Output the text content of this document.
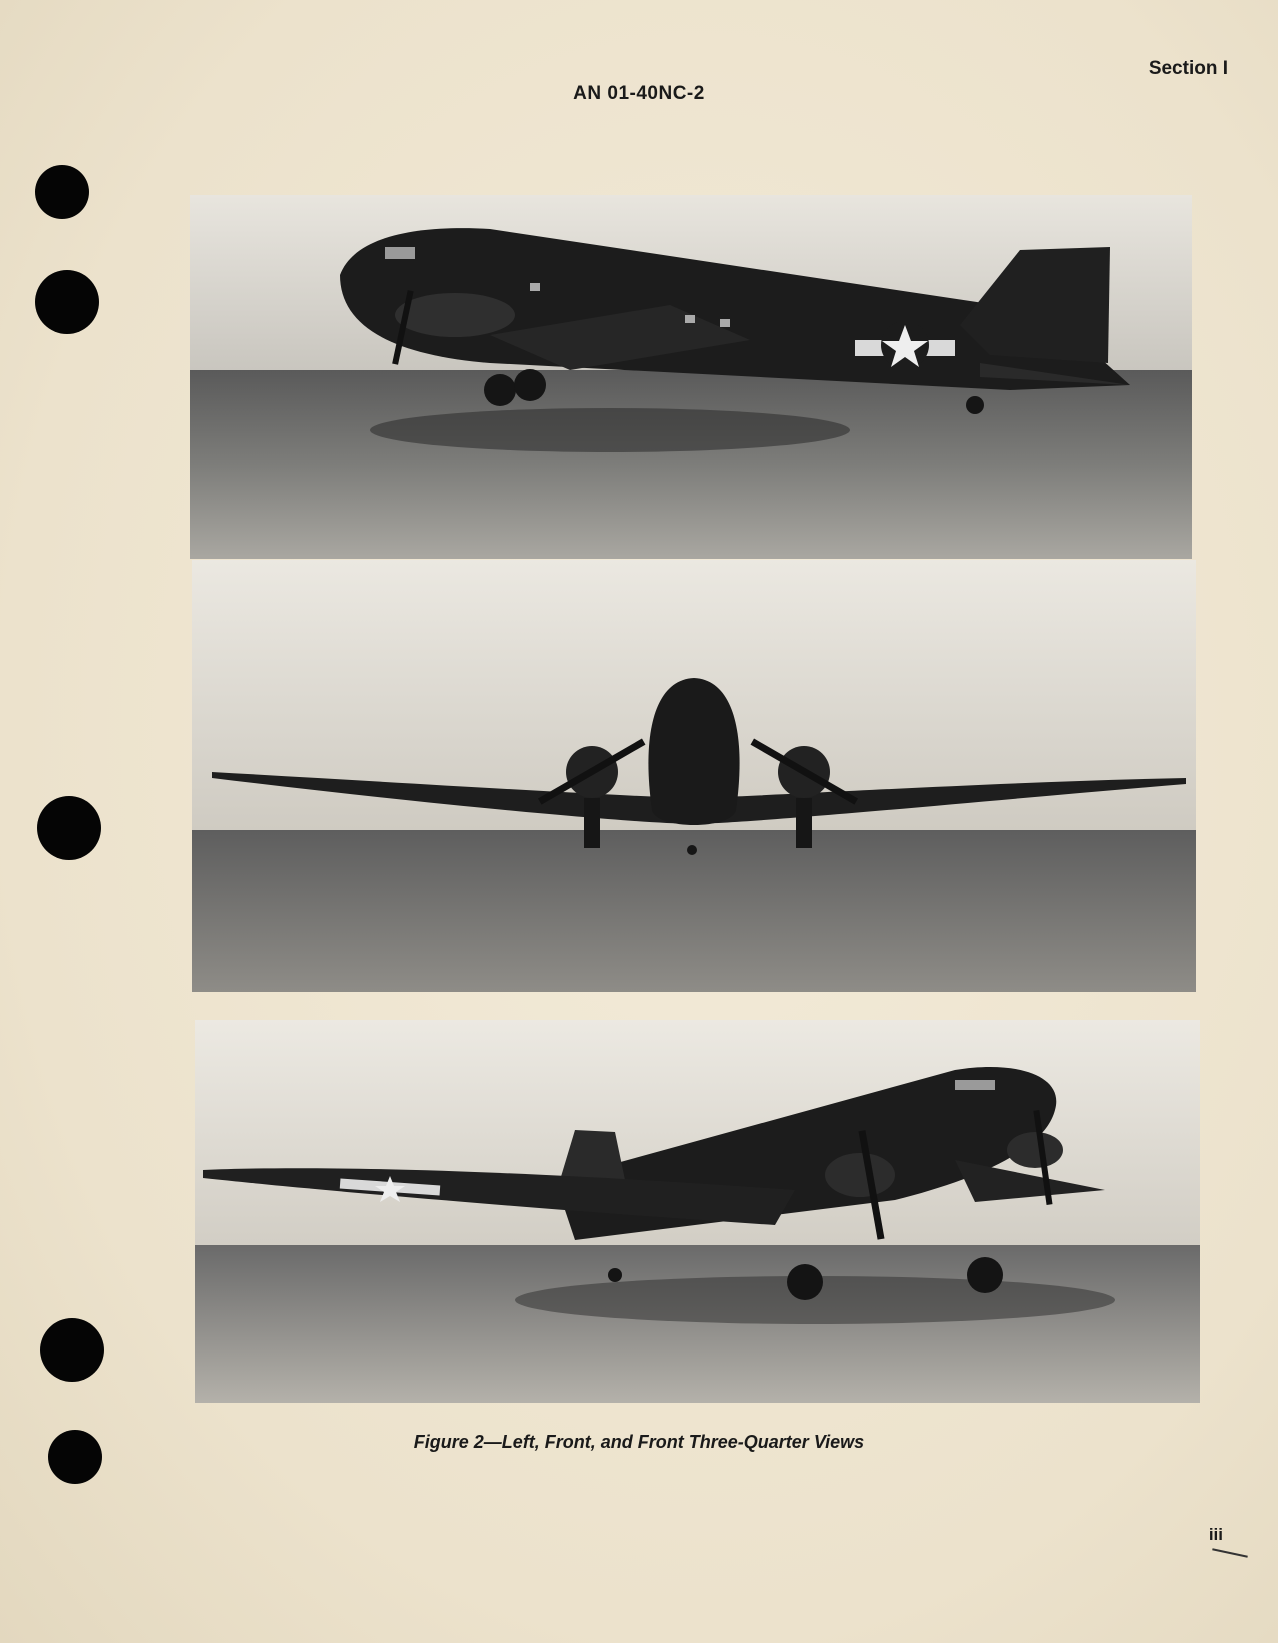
Section I
AN 01-40NC-2
Figure 2—Left, Front, and Front Three-Quarter Views
iii
